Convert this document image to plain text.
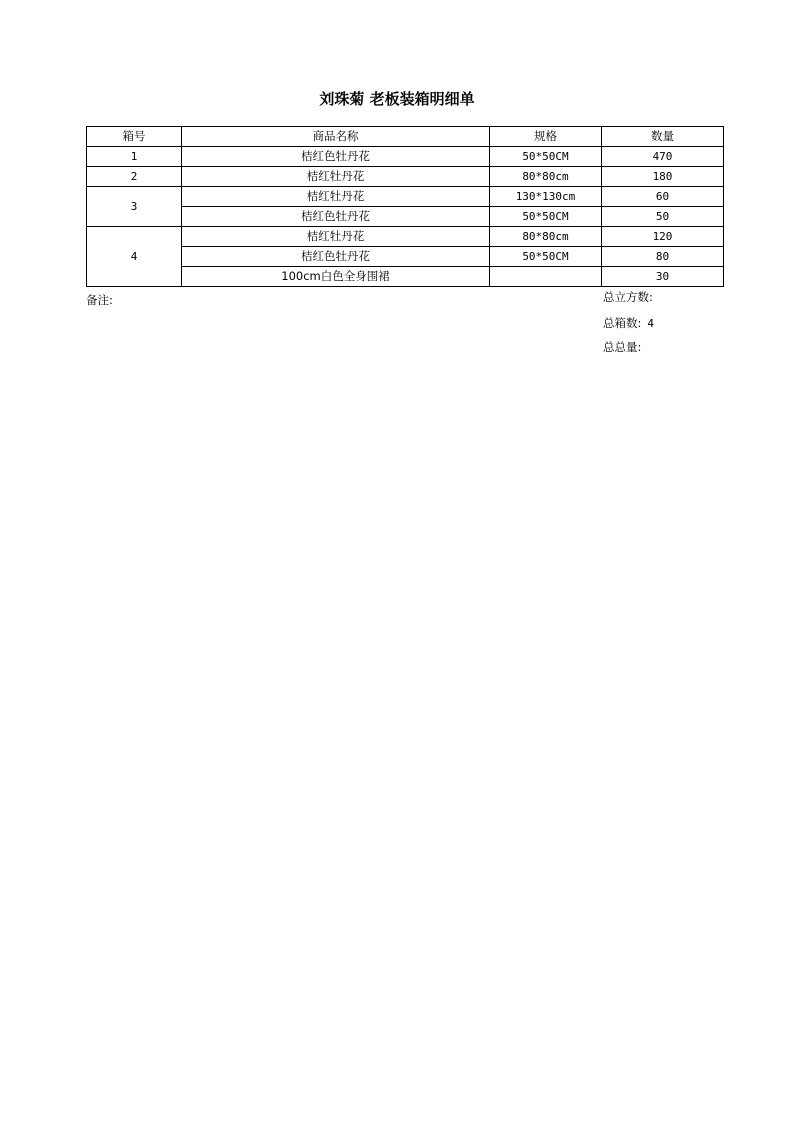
刘珠菊 老板装箱明细单
箱号	商品名称	规格	数量
1	桔红色牡丹花	50*50CM	470
2	桔红牡丹花	80*80cm	180
3	桔红牡丹花	130*130cm	60
	桔红色牡丹花	50*50CM	50
4	桔红牡丹花	80*80cm	120
	桔红色牡丹花	50*50CM	80
	100cm白色全身围裙		30
备注:	总立方数:
总箱数: 4
总总量:
